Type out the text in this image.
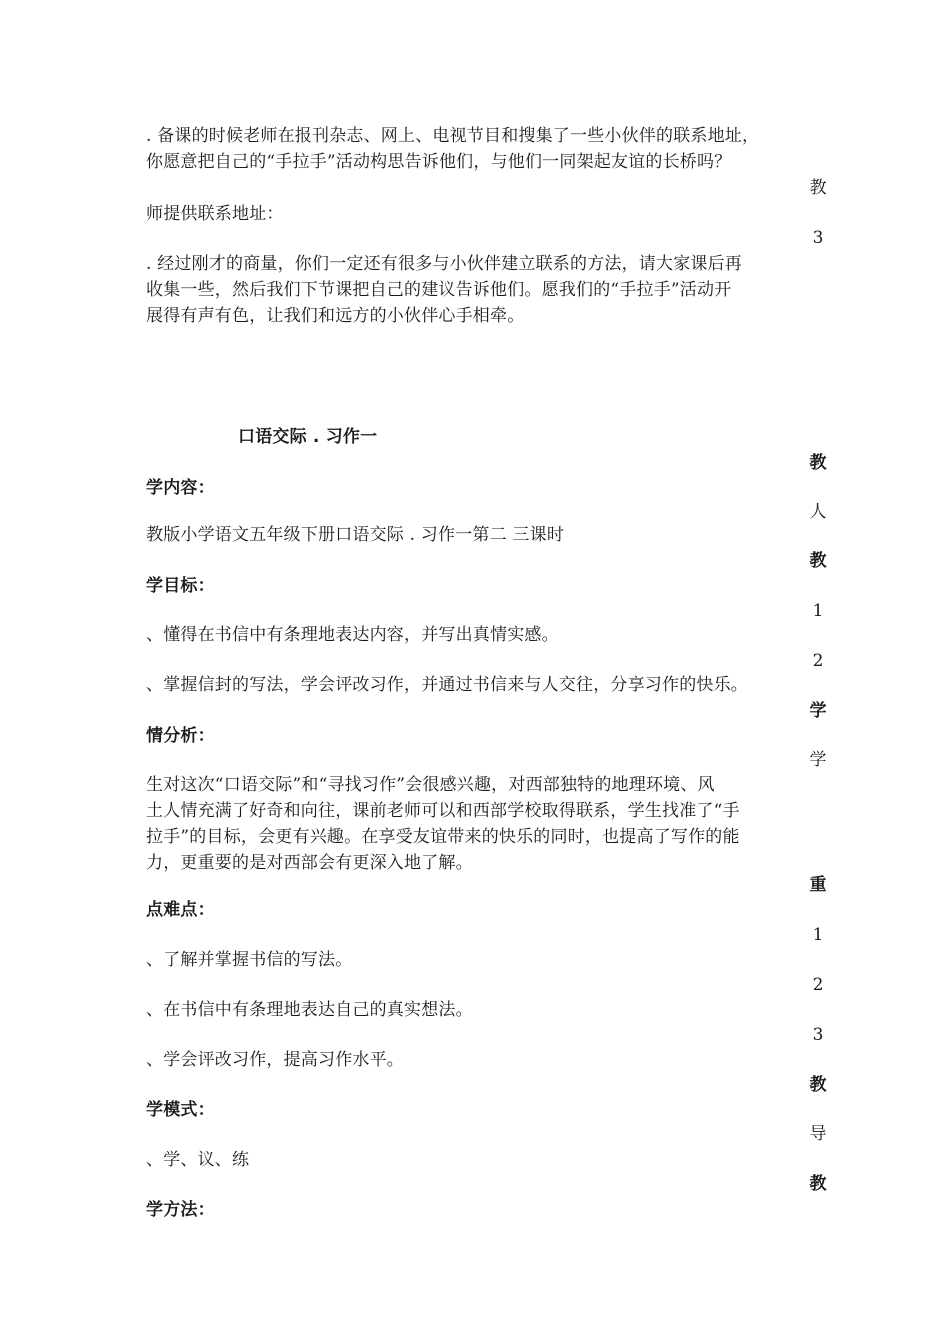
. 备课的时候老师在报刊杂志、网上、电视节目和搜集了一些小伙伴的联系地址，
你愿意把自己的“手拉手”活动构思告诉他们，与他们一同架起友谊的长桥吗？
师提供联系地址：
. 经过刚才的商量，你们一定还有很多与小伙伴建立联系的方法，请大家课后再
收集一些，然后我们下节课把自己的建议告诉他们。愿我们的“手拉手”活动开
展得有声有色，让我们和远方的小伙伴心手相牵。
口语交际 . 习作一
学内容：
教版小学语文五年级下册口语交际 . 习作一第二 三课时
学目标：
、懂得在书信中有条理地表达内容，并写出真情实感。
、掌握信封的写法，学会评改习作，并通过书信来与人交往，分享习作的快乐。
情分析：
生对这次“口语交际”和“寻找习作”会很感兴趣，对西部独特的地理环境、风
土人情充满了好奇和向往，课前老师可以和西部学校取得联系，学生找准了“手
拉手”的目标，会更有兴趣。在享受友谊带来的快乐的同时，也提高了写作的能
力，更重要的是对西部会有更深入地了解。
点难点：
、了解并掌握书信的写法。
、在书信中有条理地表达自己的真实想法。
、学会评改习作，提高习作水平。
学模式：
、学、议、练
学方法：
教
3
教
人
教
1
2
学
学
重
1
2
3
教
导
教
